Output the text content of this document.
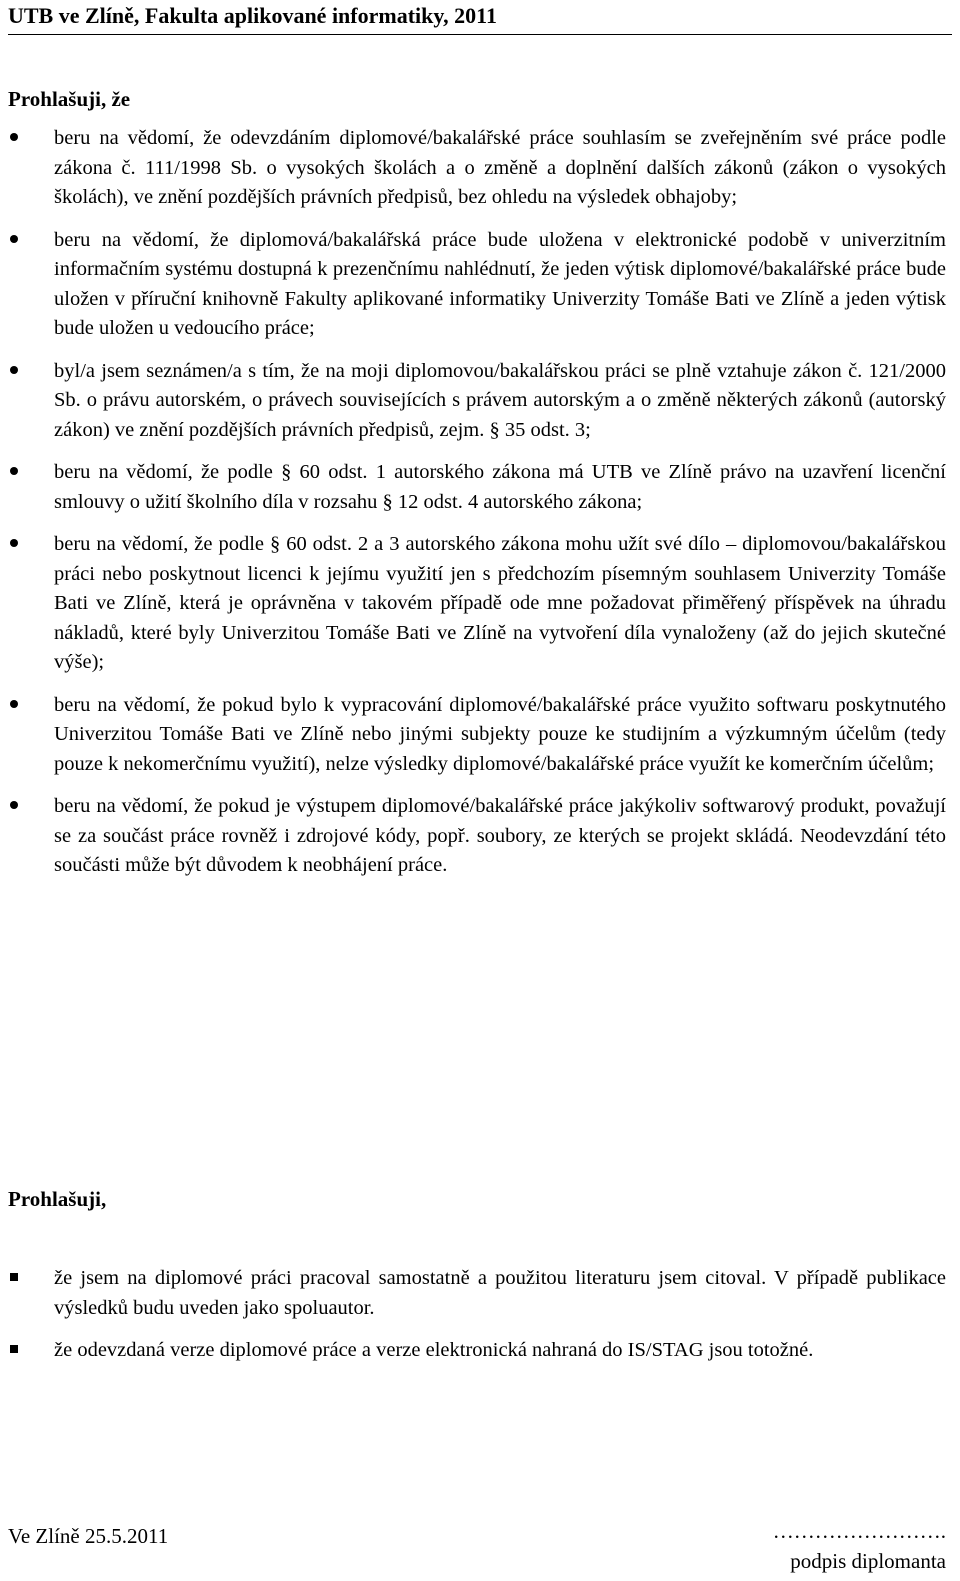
UTB ve Zlíně, Fakulta aplikované informatiky, 2011
Prohlašuji, že
beru na vědomí, že odevzdáním diplomové/bakalářské práce souhlasím se zveřejněním své práce podle zákona č. 111/1998 Sb. o vysokých školách a o změně a doplnění dalších zákonů (zákon o vysokých školách), ve znění pozdějších právních předpisů, bez ohledu na výsledek obhajoby;
beru na vědomí, že diplomová/bakalářská práce bude uložena v elektronické podobě v univerzitním informačním systému dostupná k prezenčnímu nahlédnutí, že jeden výtisk diplomové/bakalářské práce bude uložen v příruční knihovně Fakulty aplikované informatiky Univerzity Tomáše Bati ve Zlíně a jeden výtisk bude uložen u vedoucího práce;
byl/a jsem seznámen/a s tím, že na moji diplomovou/bakalářskou práci se plně vztahuje zákon č. 121/2000 Sb. o právu autorském, o právech souvisejících s právem autorským a o změně některých zákonů (autorský zákon) ve znění pozdějších právních předpisů, zejm. § 35 odst. 3;
beru na vědomí, že podle § 60 odst. 1 autorského zákona má UTB ve Zlíně právo na uzavření licenční smlouvy o užití školního díla v rozsahu § 12 odst. 4 autorského zákona;
beru na vědomí, že podle § 60 odst. 2 a 3 autorského zákona mohu užít své dílo – diplomovou/bakalářskou práci nebo poskytnout licenci k jejímu využití jen s předchozím písemným souhlasem Univerzity Tomáše Bati ve Zlíně, která je oprávněna v takovém případě ode mne požadovat přiměřený příspěvek na úhradu nákladů, které byly Univerzitou Tomáše Bati ve Zlíně na vytvoření díla vynaloženy (až do jejich skutečné výše);
beru na vědomí, že pokud bylo k vypracování diplomové/bakalářské práce využito softwaru poskytnutého Univerzitou Tomáše Bati ve Zlíně nebo jinými subjekty pouze ke studijním a výzkumným účelům (tedy pouze k nekomerčnímu využití), nelze výsledky diplomové/bakalářské práce využít ke komerčním účelům;
beru na vědomí, že pokud je výstupem diplomové/bakalářské práce jakýkoliv softwarový produkt, považují se za součást práce rovněž i zdrojové kódy, popř. soubory, ze kterých se projekt skládá. Neodevzdání této součásti může být důvodem k neobhájení práce.
Prohlašuji,
že jsem na diplomové práci pracoval samostatně a použitou literaturu jsem citoval. V případě publikace výsledků budu uveden jako spoluautor.
že odevzdaná verze diplomové práce a verze elektronická nahraná do IS/STAG jsou totožné.
Ve Zlíně 25.5.2011	…………………….
podpis diplomanta
